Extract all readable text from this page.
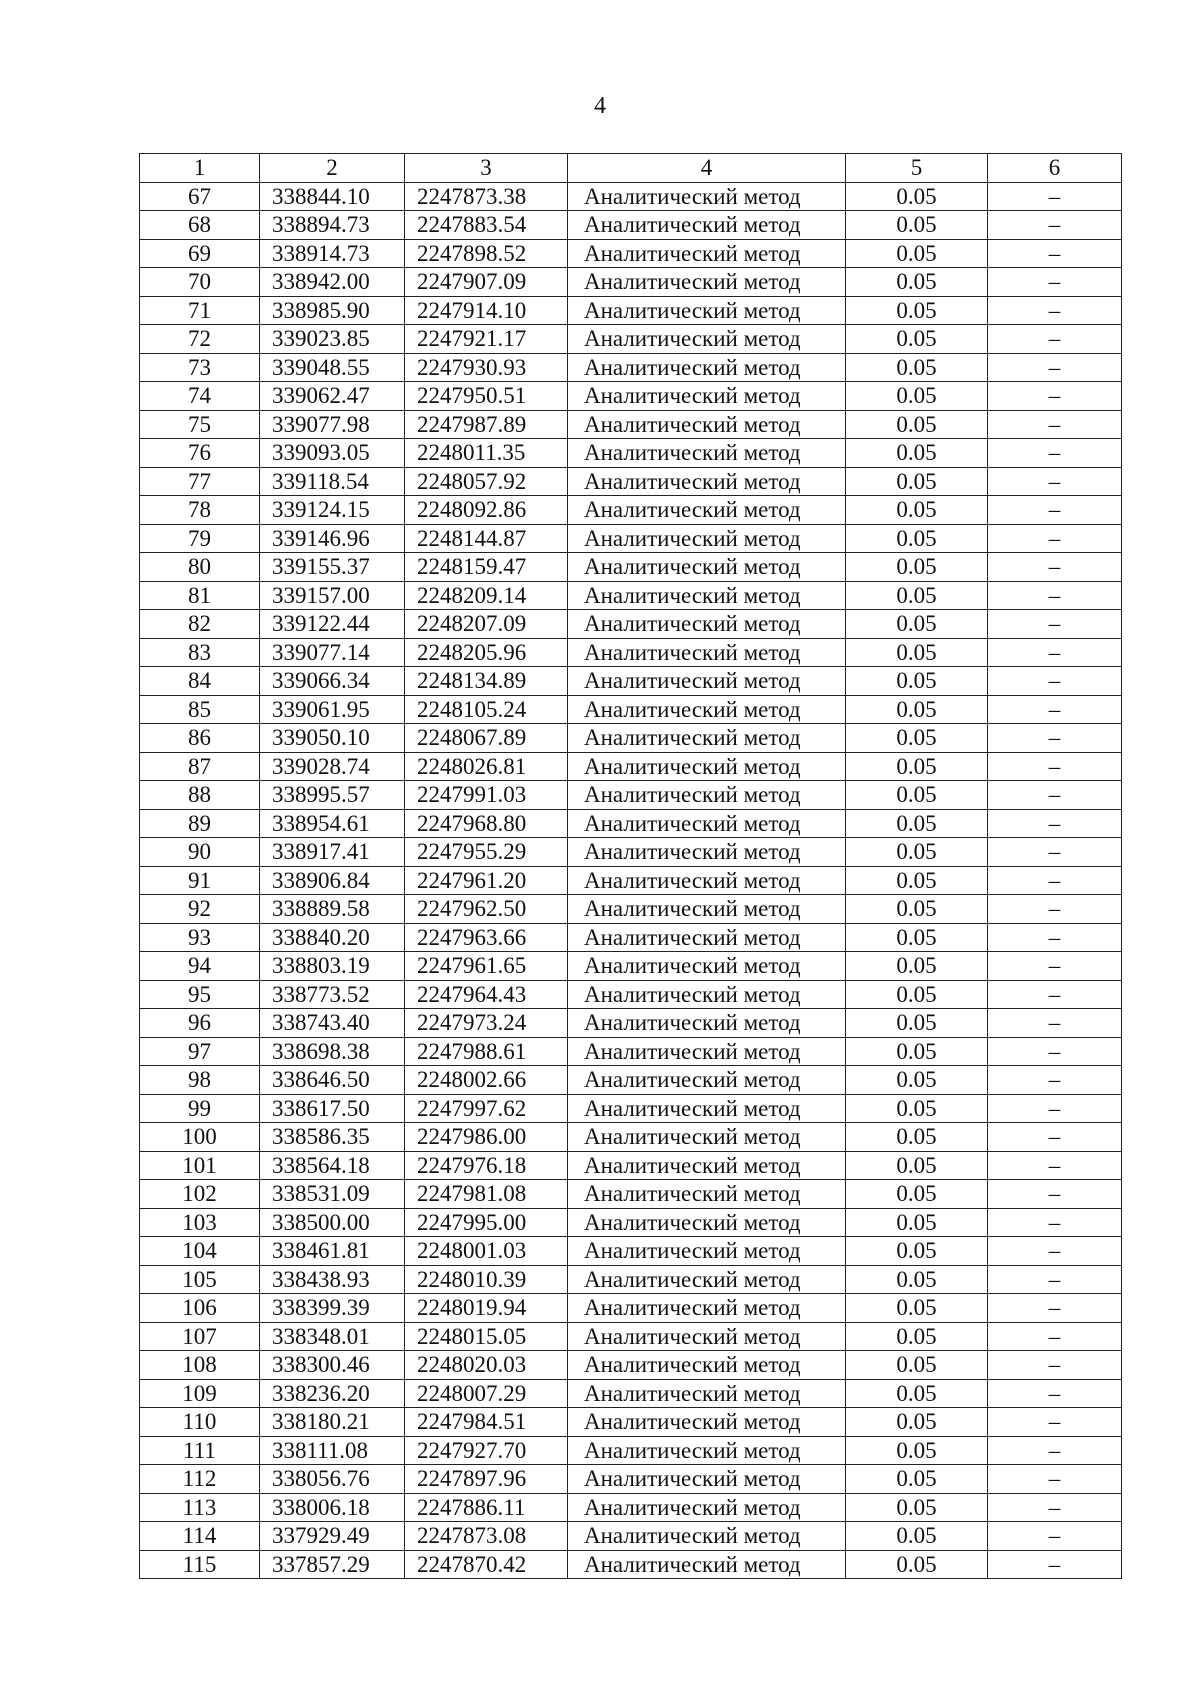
4
1	2	3	4	5	6
67	338844.10	2247873.38	Аналитический метод	0.05	–
68	338894.73	2247883.54	Аналитический метод	0.05	–
69	338914.73	2247898.52	Аналитический метод	0.05	–
70	338942.00	2247907.09	Аналитический метод	0.05	–
71	338985.90	2247914.10	Аналитический метод	0.05	–
72	339023.85	2247921.17	Аналитический метод	0.05	–
73	339048.55	2247930.93	Аналитический метод	0.05	–
74	339062.47	2247950.51	Аналитический метод	0.05	–
75	339077.98	2247987.89	Аналитический метод	0.05	–
76	339093.05	2248011.35	Аналитический метод	0.05	–
77	339118.54	2248057.92	Аналитический метод	0.05	–
78	339124.15	2248092.86	Аналитический метод	0.05	–
79	339146.96	2248144.87	Аналитический метод	0.05	–
80	339155.37	2248159.47	Аналитический метод	0.05	–
81	339157.00	2248209.14	Аналитический метод	0.05	–
82	339122.44	2248207.09	Аналитический метод	0.05	–
83	339077.14	2248205.96	Аналитический метод	0.05	–
84	339066.34	2248134.89	Аналитический метод	0.05	–
85	339061.95	2248105.24	Аналитический метод	0.05	–
86	339050.10	2248067.89	Аналитический метод	0.05	–
87	339028.74	2248026.81	Аналитический метод	0.05	–
88	338995.57	2247991.03	Аналитический метод	0.05	–
89	338954.61	2247968.80	Аналитический метод	0.05	–
90	338917.41	2247955.29	Аналитический метод	0.05	–
91	338906.84	2247961.20	Аналитический метод	0.05	–
92	338889.58	2247962.50	Аналитический метод	0.05	–
93	338840.20	2247963.66	Аналитический метод	0.05	–
94	338803.19	2247961.65	Аналитический метод	0.05	–
95	338773.52	2247964.43	Аналитический метод	0.05	–
96	338743.40	2247973.24	Аналитический метод	0.05	–
97	338698.38	2247988.61	Аналитический метод	0.05	–
98	338646.50	2248002.66	Аналитический метод	0.05	–
99	338617.50	2247997.62	Аналитический метод	0.05	–
100	338586.35	2247986.00	Аналитический метод	0.05	–
101	338564.18	2247976.18	Аналитический метод	0.05	–
102	338531.09	2247981.08	Аналитический метод	0.05	–
103	338500.00	2247995.00	Аналитический метод	0.05	–
104	338461.81	2248001.03	Аналитический метод	0.05	–
105	338438.93	2248010.39	Аналитический метод	0.05	–
106	338399.39	2248019.94	Аналитический метод	0.05	–
107	338348.01	2248015.05	Аналитический метод	0.05	–
108	338300.46	2248020.03	Аналитический метод	0.05	–
109	338236.20	2248007.29	Аналитический метод	0.05	–
110	338180.21	2247984.51	Аналитический метод	0.05	–
111	338111.08	2247927.70	Аналитический метод	0.05	–
112	338056.76	2247897.96	Аналитический метод	0.05	–
113	338006.18	2247886.11	Аналитический метод	0.05	–
114	337929.49	2247873.08	Аналитический метод	0.05	–
115	337857.29	2247870.42	Аналитический метод	0.05	–
